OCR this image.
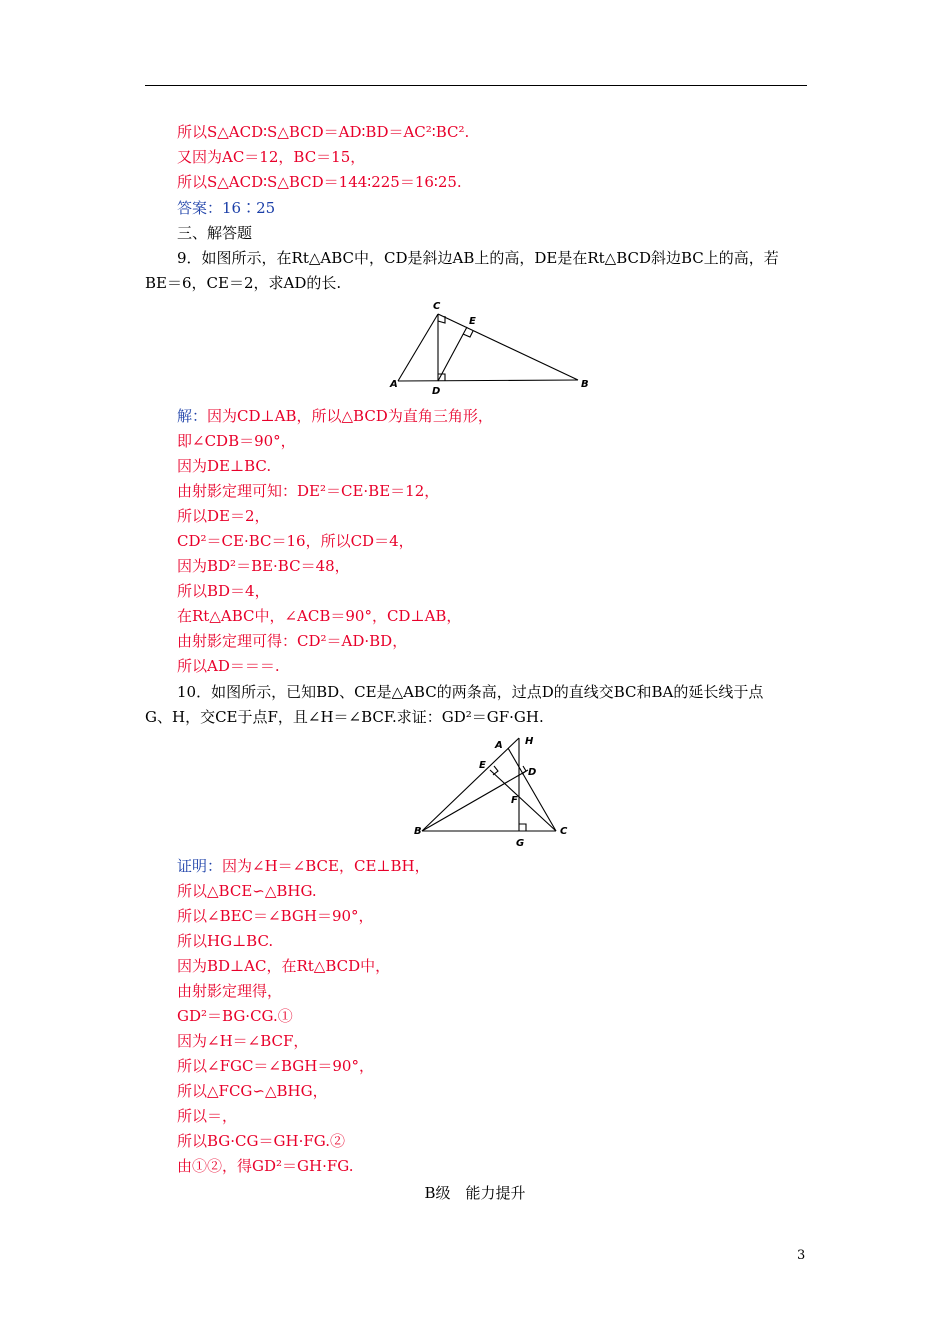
所以S△ACD∶S△BCD＝AD∶BD＝AC²∶BC².
又因为AC＝12，BC＝15，
所以S△ACD∶S△BCD＝144∶225＝16∶25.
答案：16∶25
三、解答题
9．如图所示，在Rt△ABC中，CD是斜边AB上的高，DE是在Rt△BCD斜边BC上的高，若
BE＝6，CE＝2，求AD的长.
C
E
A
D
B
解：因为CD⊥AB，所以△BCD为直角三角形，
即∠CDB＝90°，
因为DE⊥BC.
由射影定理可知：DE²＝CE·BE＝12，
所以DE＝2，
CD²＝CE·BC＝16，所以CD＝4，
因为BD²＝BE·BC＝48，
所以BD＝4，
在Rt△ABC中，∠ACB＝90°，CD⊥AB，
由射影定理可得：CD²＝AD·BD，
所以AD＝＝＝.
10．如图所示，已知BD、CE是△ABC的两条高，过点D的直线交BC和BA的延长线于点
G、H，交CE于点F，且∠H＝∠BCF.求证：GD²＝GF·GH.
A H
E
D
F
B	C
G
证明：因为∠H＝∠BCE，CE⊥BH，
所以△BCE∽△BHG.
所以∠BEC＝∠BGH＝90°，
所以HG⊥BC.
因为BD⊥AC，在Rt△BCD中，
由射影定理得，
GD²＝BG·CG.①
因为∠H＝∠BCF，
所以∠FGC＝∠BGH＝90°，
所以△FCG∽△BHG，
所以＝，
所以BG·CG＝GH·FG.②
由①②，得GD²＝GH·FG.
B级　能力提升
3
